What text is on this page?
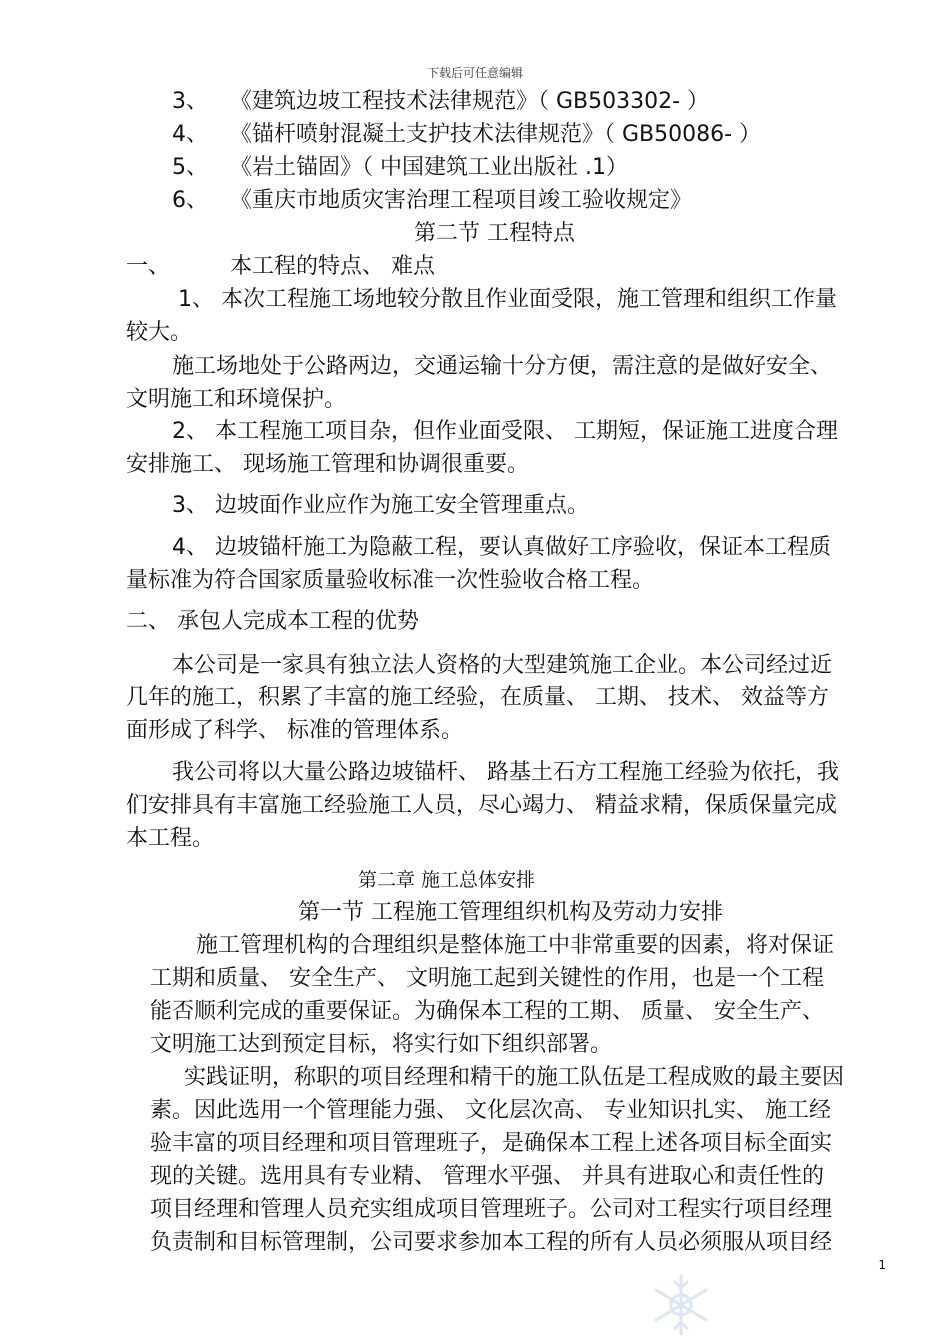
下载后可任意编辑
3、 《建筑边坡工程技术法律规范》（ GB503302- ）
4、 《锚杆喷射混凝土支护技术法律规范》（ GB50086- ）
5、 《岩土锚固》（ 中国建筑工业出版社 .1）
6、 《重庆市地质灾害治理工程项目竣工验收规定》
第二节 工程特点
一、	本工程的特点、 难点
1、 本次工程施工场地较分散且作业面受限，施工管理和组织工作量
较大。
施工场地处于公路两边，交通运输十分方便，需注意的是做好安全、
文明施工和环境保护。
2、 本工程施工项目杂，但作业面受限、 工期短，保证施工进度合理
安排施工、 现场施工管理和协调很重要。
3、 边坡面作业应作为施工安全管理重点。
4、 边坡锚杆施工为隐蔽工程，要认真做好工序验收，保证本工程质
量标准为符合国家质量验收标准一次性验收合格工程。
二、 承包人完成本工程的优势
本公司是一家具有独立法人资格的大型建筑施工企业。本公司经过近
几年的施工，积累了丰富的施工经验，在质量、 工期、 技术、 效益等方
面形成了科学、 标准的管理体系。
我公司将以大量公路边坡锚杆、 路基土石方工程施工经验为依托，我
们安排具有丰富施工经验施工人员，尽心竭力、 精益求精，保质保量完成
本工程。
第二章 施工总体安排
第一节 工程施工管理组织机构及劳动力安排
施工管理机构的合理组织是整体施工中非常重要的因素，将对保证
工期和质量、 安全生产、 文明施工起到关键性的作用，也是一个工程
能否顺利完成的重要保证。为确保本工程的工期、 质量、 安全生产、
文明施工达到预定目标，将实行如下组织部署。
实践证明，称职的项目经理和精干的施工队伍是工程成败的最主要因
素。因此选用一个管理能力强、 文化层次高、 专业知识扎实、 施工经
验丰富的项目经理和项目管理班子，是确保本工程上述各项目标全面实
现的关键。选用具有专业精、 管理水平强、 并具有进取心和责任性的
项目经理和管理人员充实组成项目管理班子。公司对工程实行项目经理
负责制和目标管理制，公司要求参加本工程的所有人员必须服从项目经
1
